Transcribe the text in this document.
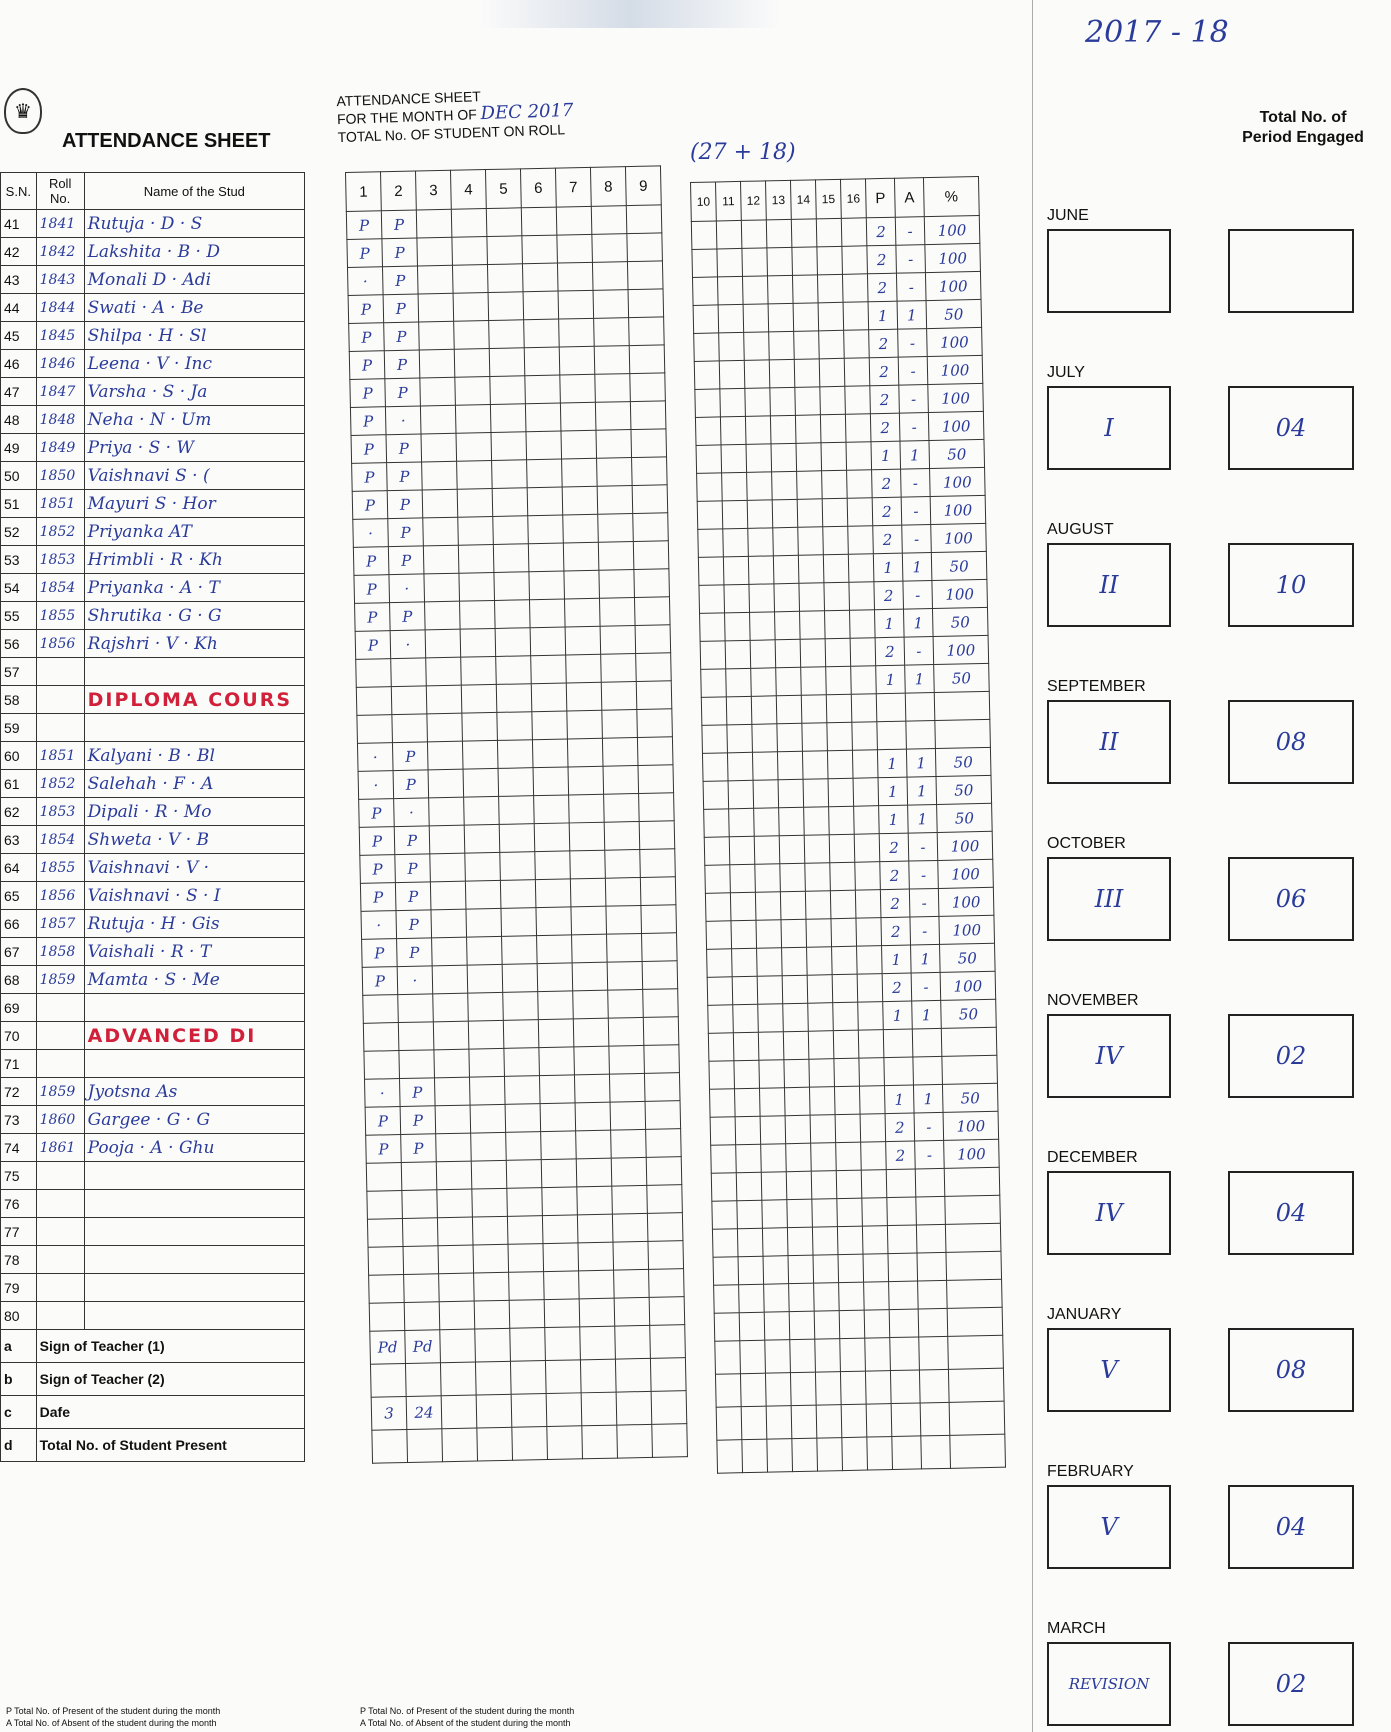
2017 - 18
♛
ATTENDANCE SHEET
S.N.	Roll No.	Name of the Stud
41	1841	Rutuja · D · S
42	1842	Lakshita · B · D
43	1843	Monali D · Adi
44	1844	Swati · A · Be
45	1845	Shilpa · H · Sl
46	1846	Leena · V · Inc
47	1847	Varsha · S · Ja
48	1848	Neha · N · Um
49	1849	Priya · S · W
50	1850	Vaishnavi S · (
51	1851	Mayuri S · Hor
52	1852	Priyanka AT
53	1853	Hrimbli · R · Kh
54	1854	Priyanka · A · T
55	1855	Shrutika · G · G
56	1856	Rajshri · V · Kh
57		
58		DIPLOMA COURS
59		
60	1851	Kalyani · B · Bl
61	1852	Salehah · F · A
62	1853	Dipali · R · Mo
63	1854	Shweta · V · B
64	1855	Vaishnavi · V ·
65	1856	Vaishnavi · S · I
66	1857	Rutuja · H · Gis
67	1858	Vaishali · R · T
68	1859	Mamta · S · Me
69		
70		ADVANCED DI
71		
72	1859	Jyotsna As
73	1860	Gargee · G · G
74	1861	Pooja · A · Ghu
75		
76		
77		
78		
79		
80		
a	Sign of Teacher (1)	
b	Sign of Teacher (2)	
c	Dafe	
d	Total No. of Student Present	
P Total No. of Present of the student during the month
A Total No. of Absent of the student during the month
ATTENDANCE SHEET
FOR THE MONTH OF DEC 2017
TOTAL No. OF STUDENT ON ROLL
(27 + 18)
1	2	3	4	5	6	7	8	9
P	P							
P	P							
·	P							
P	P							
P	P							
P	P							
P	P							
P	·							
P	P							
P	P							
P	P							
·	P							
P	P							
P	·							
P	P							
P	·							

·	P							
·	P							
P	·							
P	P							
P	P							
P	P							
·	P							
P	P							
P	·							

·	P							
P	P							
P	P							

Pd	Pd							

3	24							

10	11	12	13	14	15	16	P	A	%
							2	-	100
							2	-	100
							2	-	100
							1	1	50
							2	-	100
							2	-	100
							2	-	100
							2	-	100
							1	1	50
							2	-	100
							2	-	100
							2	-	100
							1	1	50
							2	-	100
							1	1	50
							2	-	100
							1	1	50

							1	1	50
							1	1	50
							1	1	50
							2	-	100
							2	-	100
							2	-	100
							2	-	100
							1	1	50
							2	-	100
							1	1	50

							1	1	50
							2	-	100
							2	-	100

P Total No. of Present of the student during the month
A Total No. of Absent of the student during the month
Total No. of Period Engaged
JUNE
JULY
I	04
AUGUST
II	10
SEPTEMBER
II	08
OCTOBER
III	06
NOVEMBER
IV	02
DECEMBER
IV	04
JANUARY
V	08
FEBRUARY
V	04
MARCH
REVISION	02
